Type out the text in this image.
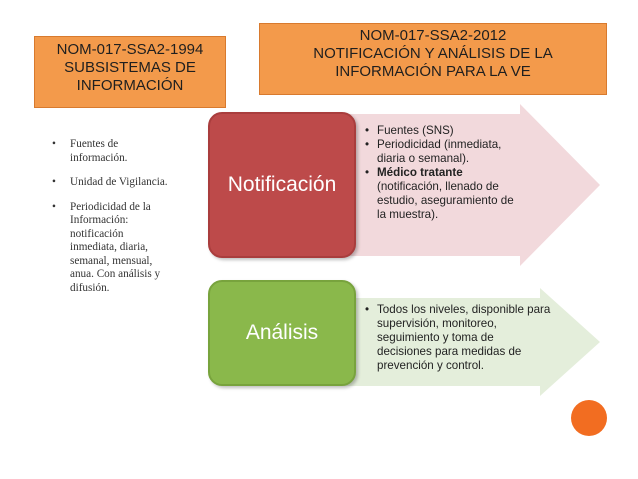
NOM-017-SSA2-1994
SUBSISTEMAS DE
INFORMACIÓN
NOM-017-SSA2-2012
NOTIFICACIÓN Y ANÁLISIS DE LA
INFORMACIÓN PARA LA VE
• Fuentes de
información.
• Unidad de Vigilancia.
• Periodicidad de la
Información:
notificación
inmediata, diaria,
semanal, mensual,
anua. Con análisis y
difusión.
Notificación
Análisis
• Fuentes (SNS)
• Periodicidad (inmediata,
diaria o semanal).
• Médico tratante
(notificación, llenado de
estudio, aseguramiento de
la muestra).
• Todos los niveles, disponible para
supervisión, monitoreo,
seguimiento y toma de
decisiones para medidas de
prevención y control.
